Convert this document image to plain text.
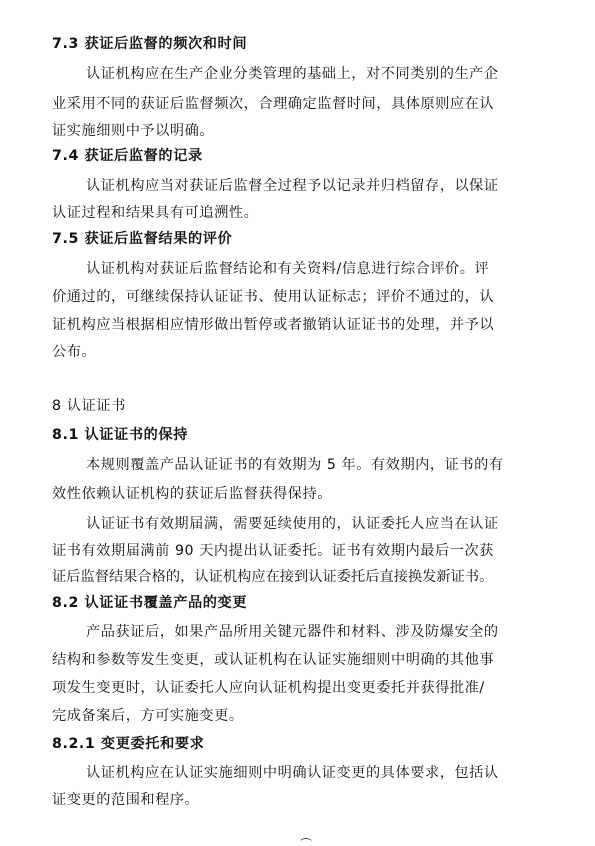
7.3 获证后监督的频次和时间
认证机构应在生产企业分类管理的基础上，对不同类别的生产企
业采用不同的获证后监督频次，合理确定监督时间，具体原则应在认
证实施细则中予以明确。
7.4 获证后监督的记录
认证机构应当对获证后监督全过程予以记录并归档留存，以保证
认证过程和结果具有可追溯性。
7.5 获证后监督结果的评价
认证机构对获证后监督结论和有关资料/信息进行综合评价。评
价通过的，可继续保持认证证书、使用认证标志；评价不通过的，认
证机构应当根据相应情形做出暂停或者撤销认证证书的处理，并予以
公布。
8 认证证书
8.1 认证证书的保持
本规则覆盖产品认证证书的有效期为 5 年。有效期内，证书的有
效性依赖认证机构的获证后监督获得保持。
认证证书有效期届满，需要延续使用的，认证委托人应当在认证
证书有效期届满前 90 天内提出认证委托。证书有效期内最后一次获
证后监督结果合格的，认证机构应在接到认证委托后直接换发新证书。
8.2 认证证书覆盖产品的变更
产品获证后，如果产品所用关键元器件和材料、涉及防爆安全的
结构和参数等发生变更，或认证机构在认证实施细则中明确的其他事
项发生变更时，认证委托人应向认证机构提出变更委托并获得批准/
完成备案后，方可实施变更。
8.2.1 变更委托和要求
认证机构应在认证实施细则中明确认证变更的具体要求，包括认
证变更的范围和程序。
